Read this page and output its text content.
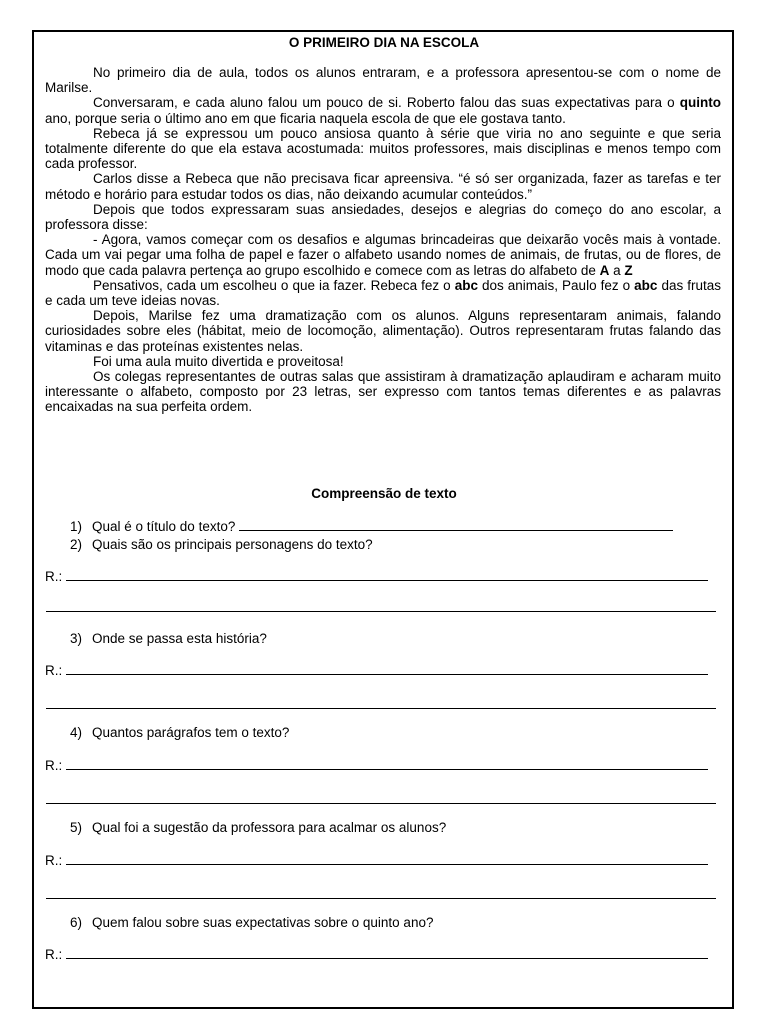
O PRIMEIRO DIA NA ESCOLA

No primeiro dia de aula, todos os alunos entraram, e a professora apresentou-se com o nome de Marilse.

Conversaram, e cada aluno falou um pouco de si. Roberto falou das suas expectativas para o quinto ano, porque seria o último ano em que ficaria naquela escola de que ele gostava tanto.

Rebeca já se expressou um pouco ansiosa quanto à série que viria no ano seguinte e que seria totalmente diferente do que ela estava acostumada: muitos professores, mais disciplinas e menos tempo com cada professor.

Carlos disse a Rebeca que não precisava ficar apreensiva. “é só ser organizada, fazer as tarefas e ter método e horário para estudar todos os dias, não deixando acumular conteúdos.”

Depois que todos expressaram suas ansiedades, desejos e alegrias do começo do ano escolar, a professora disse:

- Agora, vamos começar com os desafios e algumas brincadeiras que deixarão vocês mais à vontade. Cada um vai pegar uma folha de papel e fazer o alfabeto usando nomes de animais, de frutas, ou de flores, de modo que cada palavra pertença ao grupo escolhido e comece com as letras do alfabeto de A a Z

Pensativos, cada um escolheu o que ia fazer. Rebeca fez o abc dos animais, Paulo fez o abc das frutas e cada um teve ideias novas.

Depois, Marilse fez uma dramatização com os alunos. Alguns representaram animais, falando curiosidades sobre eles (hábitat, meio de locomoção, alimentação). Outros representaram frutas falando das vitaminas e das proteínas existentes nelas.

Foi uma aula muito divertida e proveitosa!

Os colegas representantes de outras salas que assistiram à dramatização aplaudiram e acharam muito interessante o alfabeto, composto por 23 letras, ser expresso com tantos temas diferentes e as palavras encaixadas na sua perfeita ordem.

Compreensão de texto
1) Qual é o título do texto?
2) Quais são os principais personagens do texto?
R.:
3) Onde se passa esta história?
R.:
4) Quantos parágrafos tem o texto?
R.:
5) Qual foi a sugestão da professora para acalmar os alunos?
R.:
6) Quem falou sobre suas expectativas sobre o quinto ano?
R.:
